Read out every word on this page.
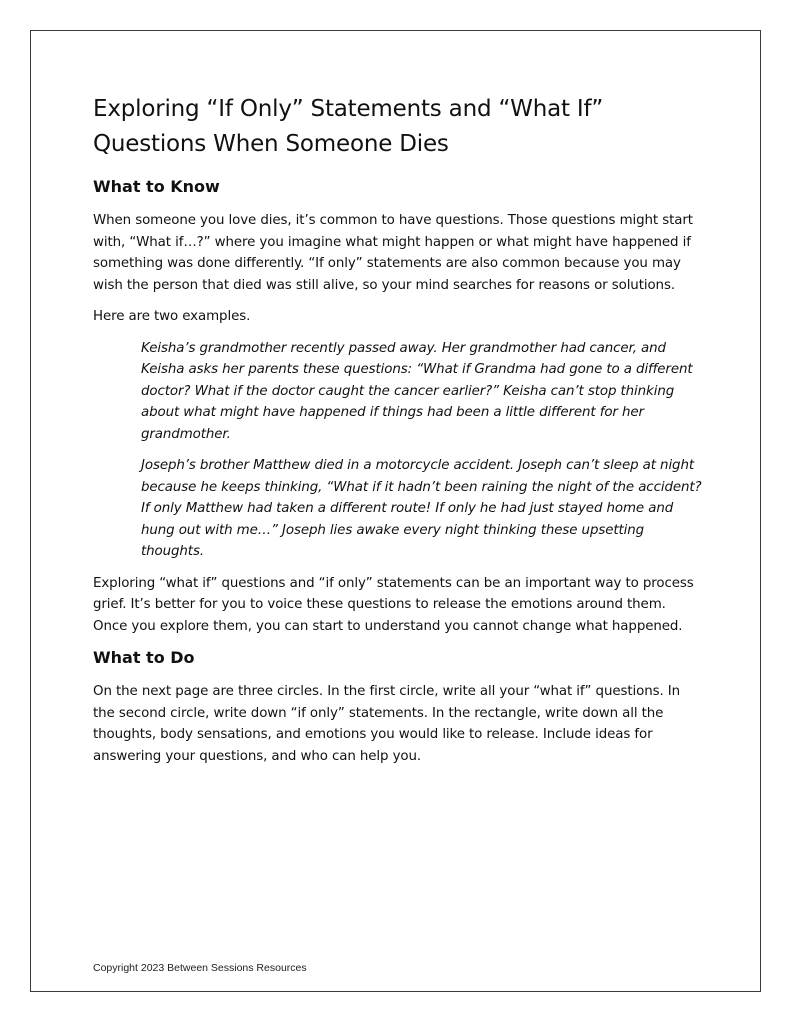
Exploring “If Only” Statements and “What If” Questions When Someone Dies
What to Know

When someone you love dies, it’s common to have questions. Those questions might start with, “What if…?” where you imagine what might happen or what might have happened if something was done differently. “If only” statements are also common because you may wish the person that died was still alive, so your mind searches for reasons or solutions.

Here are two examples.

Keisha’s grandmother recently passed away. Her grandmother had cancer, and Keisha asks her parents these questions: “What if Grandma had gone to a different doctor? What if the doctor caught the cancer earlier?” Keisha can’t stop thinking about what might have happened if things had been a little different for her grandmother.

Joseph’s brother Matthew died in a motorcycle accident. Joseph can’t sleep at night because he keeps thinking, “What if it hadn’t been raining the night of the accident? If only Matthew had taken a different route! If only he had just stayed home and hung out with me…” Joseph lies awake every night thinking these upsetting thoughts.

Exploring “what if” questions and “if only” statements can be an important way to process grief. It’s better for you to voice these questions to release the emotions around them. Once you explore them, you can start to understand you cannot change what happened.

What to Do

On the next page are three circles. In the first circle, write all your “what if” questions. In the second circle, write down “if only” statements. In the rectangle, write down all the thoughts, body sensations, and emotions you would like to release. Include ideas for answering your questions, and who can help you.

Copyright 2023 Between Sessions Resources
